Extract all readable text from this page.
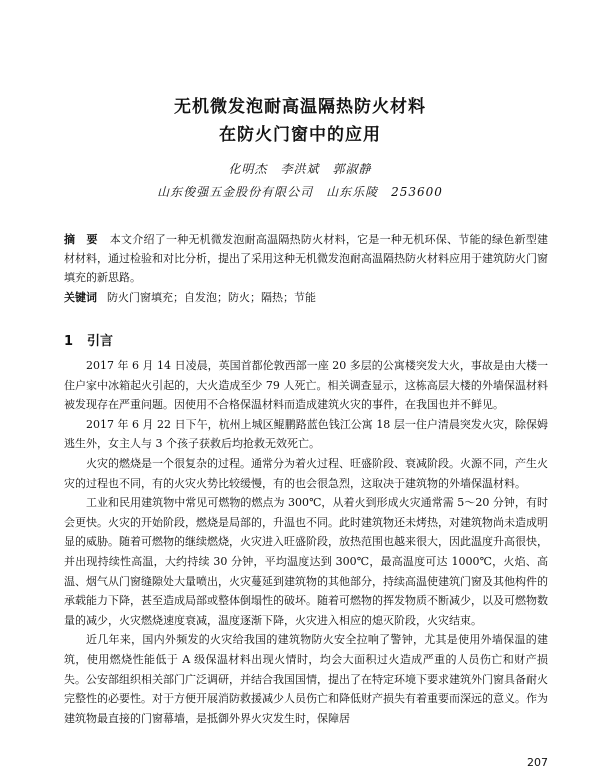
无机微发泡耐高温隔热防火材料
在防火门窗中的应用
化明杰　李洪斌　郭淑静
山东俊强五金股份有限公司　山东乐陵　253600
摘　要 本文介绍了一种无机微发泡耐高温隔热防火材料，它是一种无机环保、节能的绿色新型建材材料，通过检验和对比分析，提出了采用这种无机微发泡耐高温隔热防火材料应用于建筑防火门窗填充的新思路。
关键词 防火门窗填充；自发泡；防火；隔热；节能
1 引言

2017 年 6 月 14 日凌晨，英国首都伦敦西部一座 20 多层的公寓楼突发大火，事故是由大楼一住户家中冰箱起火引起的，大火造成至少 79 人死亡。相关调查显示，这栋高层大楼的外墙保温材料被发现存在严重问题。因使用不合格保温材料而造成建筑火灾的事件，在我国也并不鲜见。

2017 年 6 月 22 日下午，杭州上城区鲲鹏路蓝色钱江公寓 18 层一住户清晨突发火灾，除保姆逃生外，女主人与 3 个孩子获救后均抢救无效死亡。

火灾的燃烧是一个很复杂的过程。通常分为着火过程、旺盛阶段、衰减阶段。火源不同，产生火灾的过程也不同，有的火灾火势比较缓慢，有的也会很急烈，这取决于建筑物的外墙保温材料。

工业和民用建筑物中常见可燃物的燃点为 300℃，从着火到形成火灾通常需 5～20 分钟，有时会更快。火灾的开始阶段，燃烧是局部的，升温也不同。此时建筑物还未烤热，对建筑物尚未造成明显的威胁。随着可燃物的继续燃烧，火灾进入旺盛阶段，放热范围也越来很大，因此温度升高很快，并出现持续性高温，大约持续 30 分钟，平均温度达到 300℃，最高温度可达 1000℃，火焰、高温、烟气从门窗缝隙处大量喷出，火灾蔓延到建筑物的其他部分，持续高温使建筑门窗及其他构件的承载能力下降，甚至造成局部或整体倒塌性的破坏。随着可燃物的挥发物质不断减少，以及可燃物数量的减少，火灾燃烧速度衰减，温度逐渐下降，火灾进入相应的熄灭阶段，火灾结束。

近几年来，国内外频发的火灾给我国的建筑物防火安全拉响了警钟，尤其是使用外墙保温的建筑，使用燃烧性能低于 A 级保温材料出现火情时，均会大面积过火造成严重的人员伤亡和财产损失。公安部组织相关部门广泛调研，并结合我国国情，提出了在特定环境下要求建筑外门窗具备耐火完整性的必要性。对于方便开展消防救援减少人员伤亡和降低财产损失有着重要而深远的意义。作为建筑物最直接的门窗幕墙，是抵御外界火灾发生时，保障居

207
